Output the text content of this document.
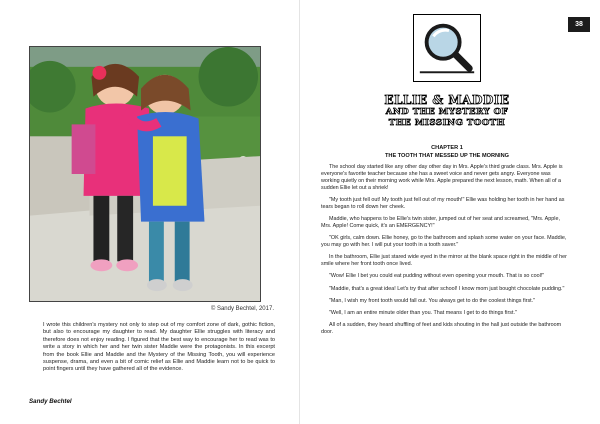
© Sandy Bechtel, 2017.
I wrote this children's mystery not only to step out of my comfort zone of dark, gothic fiction, but also to encourage my daughter to read. My daughter Ellie struggles with literacy and therefore does not enjoy reading. I figured that the best way to encourage her to read was to write a story in which her and her twin sister Maddie were the protagonists. In this excerpt from the book Ellie and Maddie and the Mystery of the Missing Tooth, you will experience suspense, drama, and even a bit of comic relief as Ellie and Maddie learn not to be quick to point fingers until they have gathered all of the evidence.
Sandy Bechtel
38
ELLIE & MADDIE
AND THE MYSTERY OF
THE MISSING TOOTH
CHAPTER 1
THE TOOTH THAT MESSED UP THE MORNING

The school day started like any other day other day in Mrs. Apple's third grade class. Mrs. Apple is everyone's favorite teacher because she has a sweet voice and never gets angry. Everyone was working quietly on their morning work while Mrs. Apple prepared the next lesson, math. When all of a sudden Ellie let out a shriek!

"My tooth just fell out! My tooth just fell out of my mouth!" Ellie was holding her tooth in her hand as tears began to roll down her cheek.

Maddie, who happens to be Ellie's twin sister, jumped out of her seat and screamed, "Mrs. Apple, Mrs. Apple! Come quick, it's an EMERGENCY!"

"OK girls, calm down. Ellie honey, go to the bathroom and splash some water on your face. Maddie, you may go with her. I will put your tooth in a tooth saver."

In the bathroom, Ellie just stared wide eyed in the mirror at the blank space right in the middle of her smile where her front tooth once lived.

"Wow! Ellie I bet you could eat pudding without even opening your mouth. That is so cool!"

"Maddie, that's a great idea! Let's try that after school! I know mom just bought chocolate pudding."

"Man, I wish my front tooth would fall out. You always get to do the coolest things first."

"Well, I am an entire minute older than you. That means I get to do things first."

All of a sudden, they heard shuffling of feet and kids shouting in the hall just outside the bathroom door.
